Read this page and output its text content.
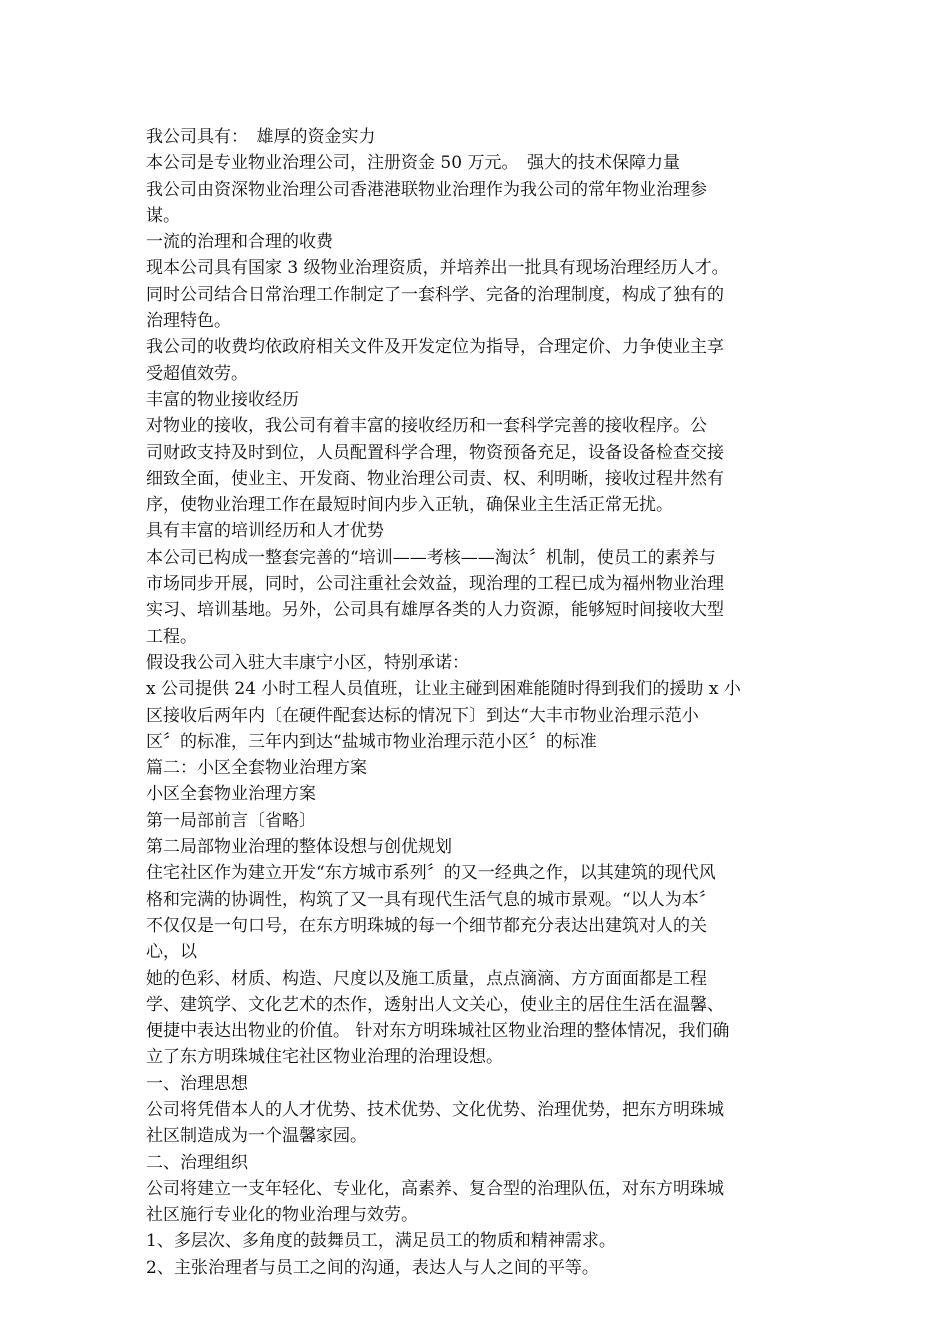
我公司具有：　雄厚的资金实力
本公司是专业物业治理公司，注册资金 50 万元。　强大的技术保障力量
我公司由资深物业治理公司香港港联物业治理作为我公司的常年物业治理参
谋。
一流的治理和合理的收费
现本公司具有国家 3 级物业治理资质，并培养出一批具有现场治理经历人才。
同时公司结合日常治理工作制定了一套科学、完备的治理制度，构成了独有的
治理特色。
我公司的收费均依政府相关文件及开发定位为指导，合理定价、力争使业主享
受超值效劳。
丰富的物业接收经历
对物业的接收，我公司有着丰富的接收经历和一套科学完善的接收程序。公
司财政支持及时到位，人员配置科学合理，物资预备充足，设备设备检查交接
细致全面，使业主、开发商、物业治理公司责、权、利明晰，接收过程井然有
序，使物业治理工作在最短时间内步入正轨，确保业主生活正常无扰。
具有丰富的培训经历和人才优势
本公司已构成一整套完善的“培训——考核——淘汰〞机制，使员工的素养与
市场同步开展，同时，公司注重社会效益，现治理的工程已成为福州物业治理
实习、培训基地。另外，公司具有雄厚各类的人力资源，能够短时间接收大型
工程。
假设我公司入驻大丰康宁小区，特别承诺：
x 公司提供 24 小时工程人员值班，让业主碰到困难能随时得到我们的援助 x 小
区接收后两年内〔在硬件配套达标的情况下〕到达“大丰市物业治理示范小
区〞的标准，三年内到达“盐城市物业治理示范小区〞的标准
篇二：小区全套物业治理方案
小区全套物业治理方案
第一局部前言〔省略〕
第二局部物业治理的整体设想与创优规划
住宅社区作为建立开发“东方城市系列〞的又一经典之作，以其建筑的现代风
格和完满的协调性，构筑了又一具有现代生活气息的城市景观。“以人为本〞
不仅仅是一句口号，在东方明珠城的每一个细节都充分表达出建筑对人的关
心，以
她的色彩、材质、构造、尺度以及施工质量，点点滴滴、方方面面都是工程
学、建筑学、文化艺术的杰作，透射出人文关心，使业主的居住生活在温馨、
便捷中表达出物业的价值。 针对东方明珠城社区物业治理的整体情况，我们确
立了东方明珠城住宅社区物业治理的治理设想。
一、治理思想
公司将凭借本人的人才优势、技术优势、文化优势、治理优势，把东方明珠城
社区制造成为一个温馨家园。
二、治理组织
公司将建立一支年轻化、专业化，高素养、复合型的治理队伍，对东方明珠城
社区施行专业化的物业治理与效劳。
1、多层次、多角度的鼓舞员工，满足员工的物质和精神需求。
2、主张治理者与员工之间的沟通，表达人与人之间的平等。
